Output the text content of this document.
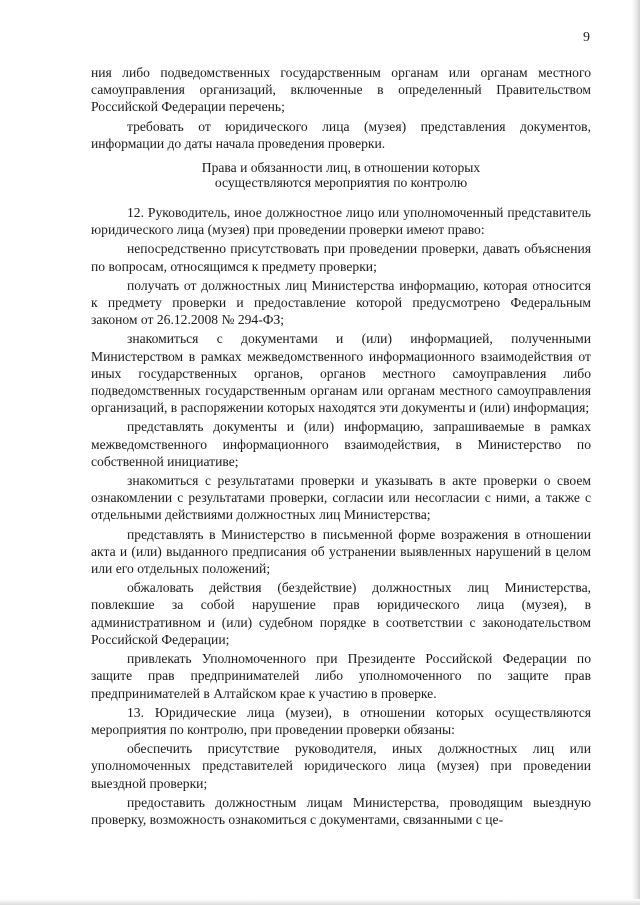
9

ния либо подведомственных государственным органам или органам местного самоуправления организаций, включенные в определенный Правительством Российской Федерации перечень;

требовать от юридического лица (музея) представления документов, информации до даты начала проведения проверки.

Права и обязанности лиц, в отношении которых
осуществляются мероприятия по контролю

12. Руководитель, иное должностное лицо или уполномоченный представитель юридического лица (музея) при проведении проверки имеют право:

непосредственно присутствовать при проведении проверки, давать объяснения по вопросам, относящимся к предмету проверки;

получать от должностных лиц Министерства информацию, которая относится к предмету проверки и предоставление которой предусмотрено Федеральным законом от 26.12.2008 № 294-ФЗ;

знакомиться с документами и (или) информацией, полученными Министерством в рамках межведомственного информационного взаимодействия от иных государственных органов, органов местного самоуправления либо подведомственных государственным органам или органам местного самоуправления организаций, в распоряжении которых находятся эти документы и (или) информация;

представлять документы и (или) информацию, запрашиваемые в рамках межведомственного информационного взаимодействия, в Министерство по собственной инициативе;

знакомиться с результатами проверки и указывать в акте проверки о своем ознакомлении с результатами проверки, согласии или несогласии с ними, а также с отдельными действиями должностных лиц Министерства;

представлять в Министерство в письменной форме возражения в отношении акта и (или) выданного предписания об устранении выявленных нарушений в целом или его отдельных положений;

обжаловать действия (бездействие) должностных лиц Министерства, повлекшие за собой нарушение прав юридического лица (музея), в административном и (или) судебном порядке в соответствии с законодательством Российской Федерации;

привлекать Уполномоченного при Президенте Российской Федерации по защите прав предпринимателей либо уполномоченного по защите прав предпринимателей в Алтайском крае к участию в проверке.

13. Юридические лица (музеи), в отношении которых осуществляются мероприятия по контролю, при проведении проверки обязаны:

обеспечить присутствие руководителя, иных должностных лиц или уполномоченных представителей юридического лица (музея) при проведении выездной проверки;

предоставить должностным лицам Министерства, проводящим выездную проверку, возможность ознакомиться с документами, связанными с це-
